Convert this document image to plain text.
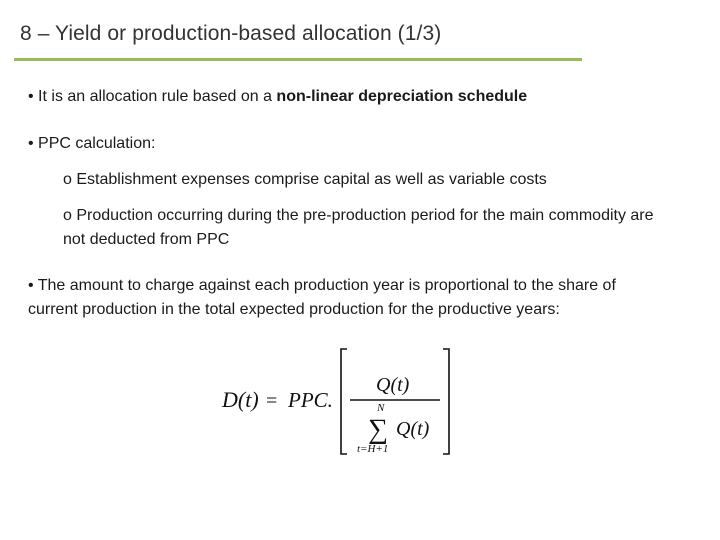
8 – Yield or production-based allocation (1/3)
• It is an allocation rule based on a non-linear depreciation schedule
• PPC calculation:
o Establishment expenses comprise capital as well as variable costs
o Production occurring during the pre-production period for the main commodity are not deducted from PPC
• The amount to charge against each production year is proportional to the share of current production in the total expected production for the productive years:
D(t) = PPC.
Q(t)
N
∑ Q(t)
t=H+1
